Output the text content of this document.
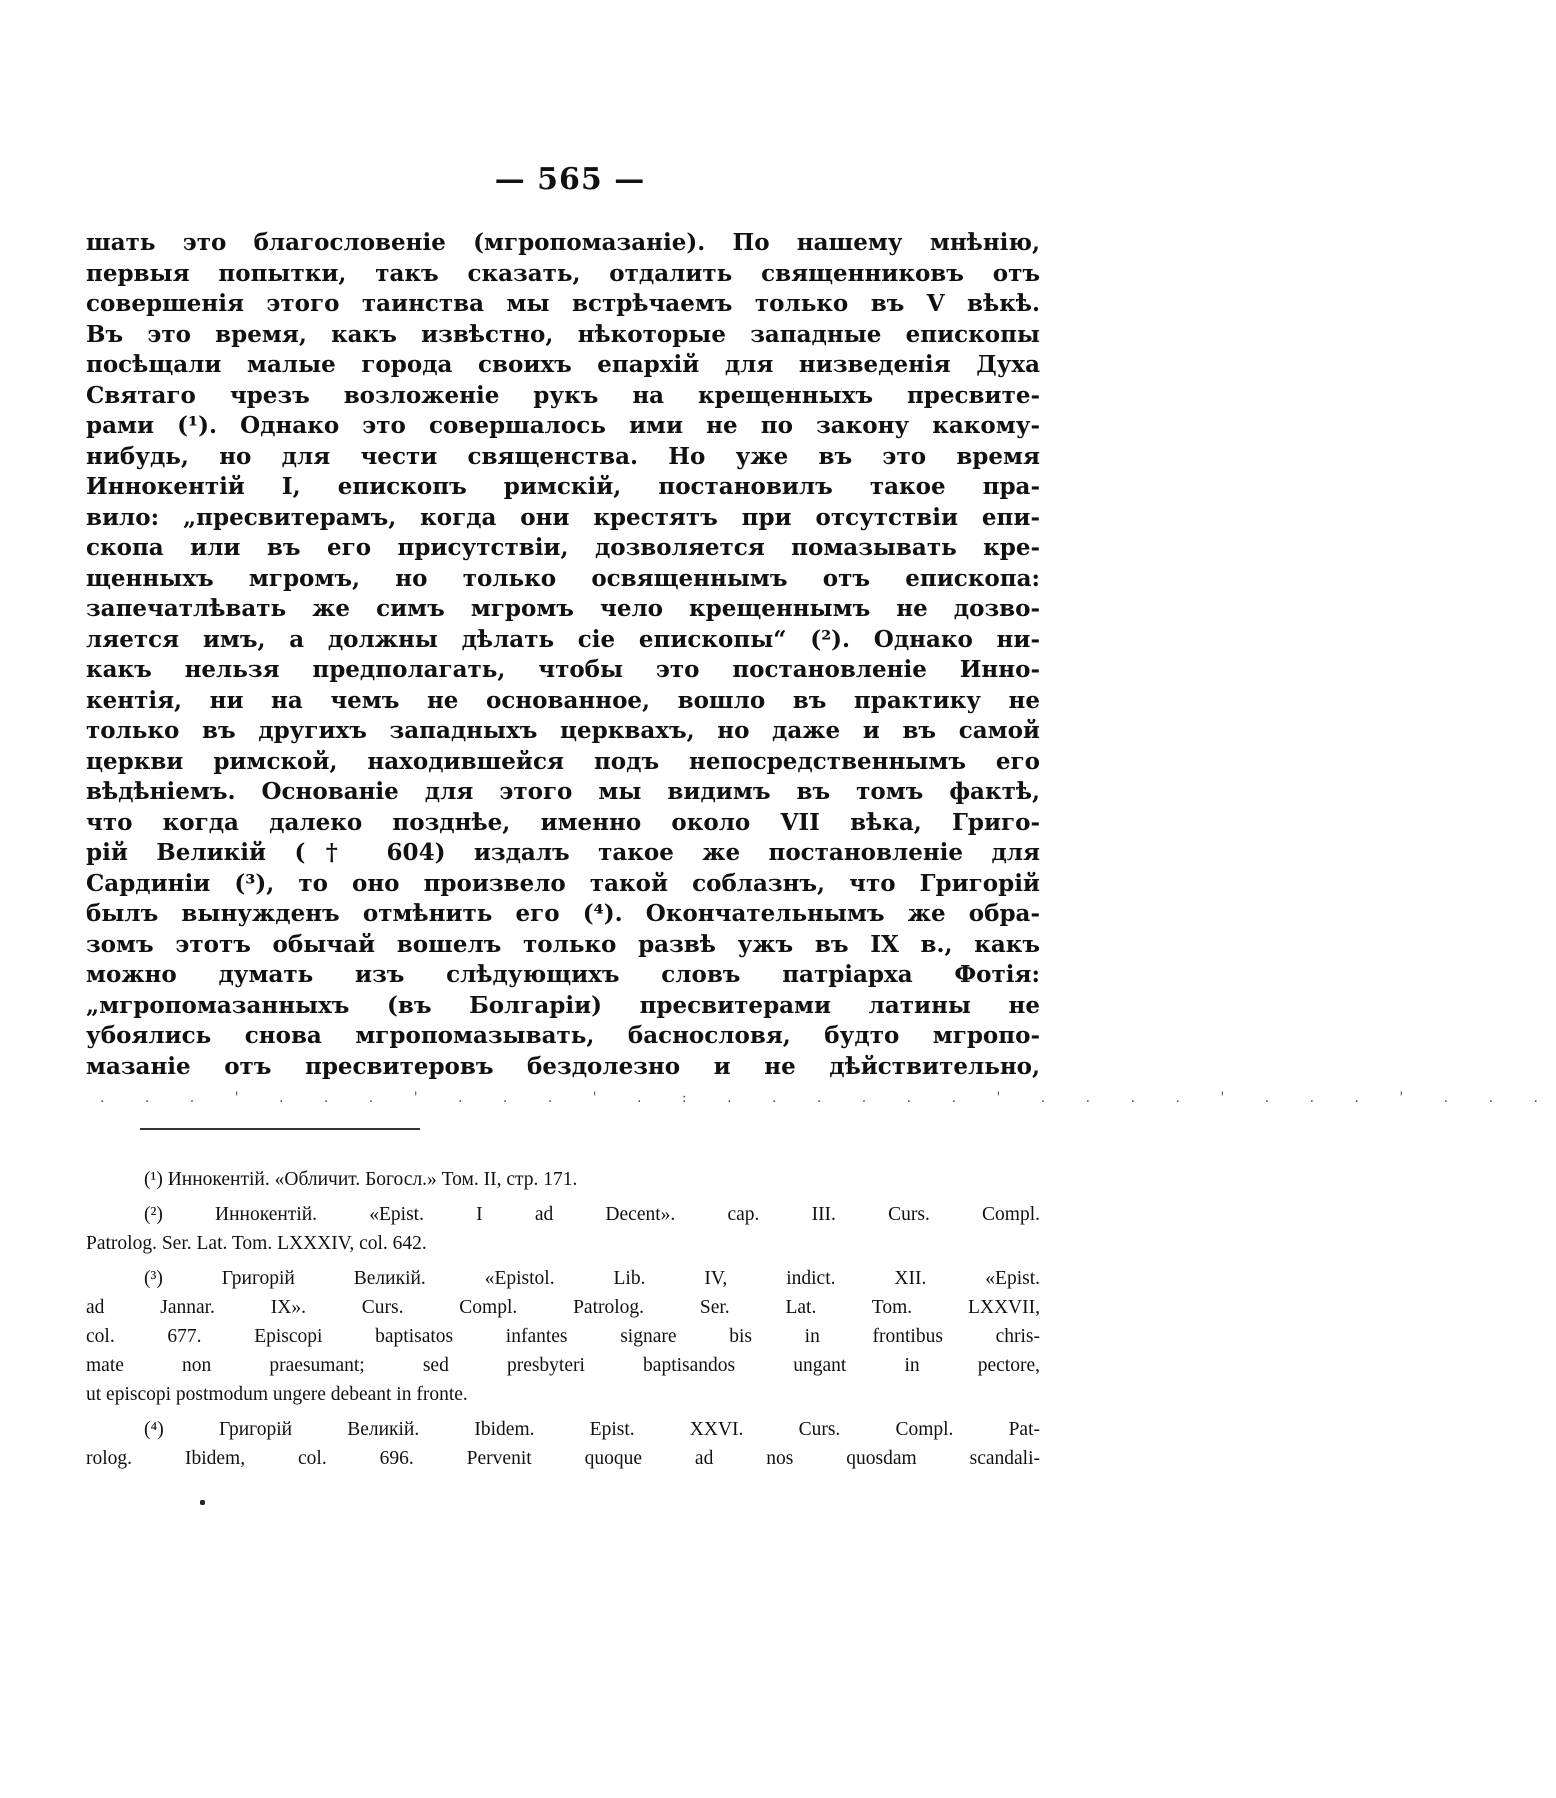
— 565 —
шать это благословеніе (мгропомазаніе). По нашему мнѣнію,
первыя попытки, такъ сказать, отдалить священниковъ отъ
совершенія этого таинства мы встрѣчаемъ только въ V вѣкѣ.
Въ это время, какъ извѣстно, нѣкоторые западные епископы
посѣщали малые города своихъ епархій для низведенія Духа
Святаго чрезъ возложеніе рукъ на крещенныхъ пресвите-
рами (¹). Однако это совершалось ими не по закону какому-
нибудь, но для чести священства. Но уже въ это время
Иннокентій I, епископъ римскій, постановилъ такое пра-
вило: „пресвитерамъ, когда они крестятъ при отсутствіи епи-
скопа или въ его присутствіи, дозволяется помазывать кре-
щенныхъ мгромъ, но только освященнымъ отъ епископа:
запечатлѣвать же симъ мгромъ чело крещеннымъ не дозво-
ляется имъ, а должны дѣлать сіе епископы“ (²). Однако ни-
какъ нельзя предполагать, чтобы это постановленіе Инно-
кентія, ни на чемъ не основанное, вошло въ практику не
только въ другихъ западныхъ церквахъ, но даже и въ самой
церкви римской, находившейся подъ непосредственнымъ его
вѣдѣніемъ. Основаніе для этого мы видимъ въ томъ фактѣ,
что когда далеко позднѣе, именно около VII вѣка, Григо-
рій Великій († 604) издалъ такое же постановленіе для
Сардиніи (³), то оно произвело такой соблазнъ, что Григорій
былъ вынужденъ отмѣнить его (⁴). Окончательнымъ же обра-
зомъ этотъ обычай вошелъ только развѣ ужъ въ IX в., какъ
можно думать изъ слѣдующихъ словъ патріарха Фотія:
„мгропомазанныхъ (въ Болгаріи) пресвитерами латины не
убоялись снова мгропомазывать, баснословя, будто мгропо-
мазаніе отъ пресвитеровъ бездолезно и не дѣйствительно,
. . . ' . . . ' . . . ' . : . . . . . . ' . . . . ' . . . ' . . .

(¹) Иннокентій. «Обличит. Богосл.» Том. II, стр. 171.

(²) Иннокентій. «Epist. I ad Decent». cap. III. Curs. Compl.
Patrolog. Ser. Lat. Tom. LXXXIV, col. 642.

(³) Григорій Великій. «Epistol. Lib. IV, indict. XII. «Epist.
ad Jannar. IX». Curs. Compl. Patrolog. Ser. Lat. Tom. LXXVII,
col. 677. Episcopi baptisatos infantes signare bis in frontibus chris-
mate non praesumant; sed presbyteri baptisandos ungant in pectore,
ut episcopi postmodum ungere debeant in fronte.

(⁴) Григорій Великій. Ibidem. Epist. XXVI. Curs. Compl. Pat-
rolog. Ibidem, col. 696. Pervenit quoque ad nos quosdam scandali-
